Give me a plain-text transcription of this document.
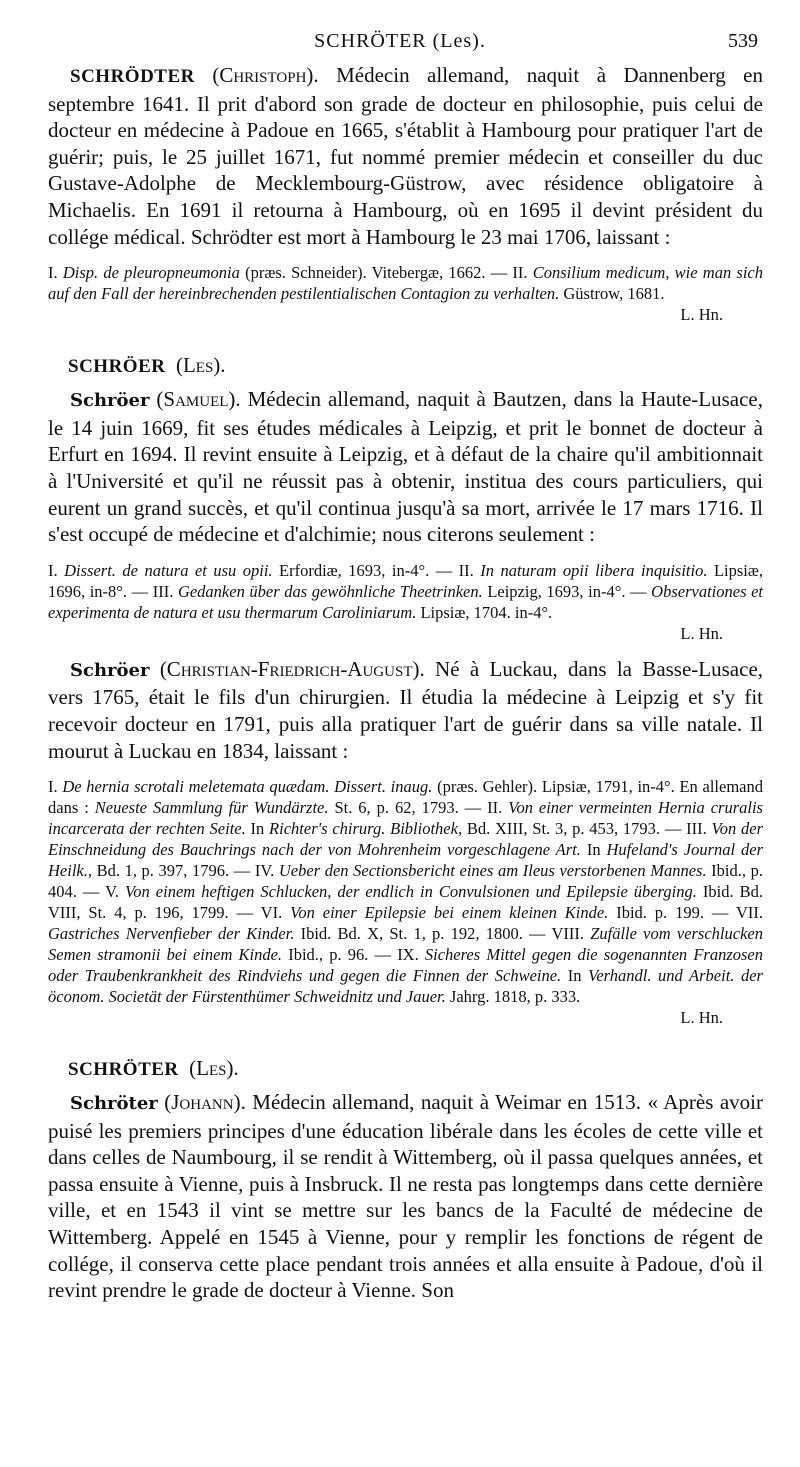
SCHRÖTER (Les).	539

SCHRÖDTER (Christoph). Médecin allemand, naquit à Dannenberg en septembre 1641. Il prit d'abord son grade de docteur en philosophie, puis celui de docteur en médecine à Padoue en 1665, s'établit à Hambourg pour pratiquer l'art de guérir; puis, le 25 juillet 1671, fut nommé premier médecin et conseiller du duc Gustave-Adolphe de Mecklembourg-Güstrow, avec résidence obligatoire à Michaelis. En 1691 il retourna à Hambourg, où en 1695 il devint président du collége médical. Schrödter est mort à Hambourg le 23 mai 1706, laissant :

I. Disp. de pleuropneumonia (præs. Schneider). Vitebergæ, 1662. — II. Consilium medicum, wie man sich auf den Fall der hereinbrechenden pestilentialischen Contagion zu verhalten. Güstrow, 1681.

L. Hn.

SCHRÖER (Les).

Schröer (Samuel). Médecin allemand, naquit à Bautzen, dans la Haute-Lusace, le 14 juin 1669, fit ses études médicales à Leipzig, et prit le bonnet de docteur à Erfurt en 1694. Il revint ensuite à Leipzig, et à défaut de la chaire qu'il ambitionnait à l'Université et qu'il ne réussit pas à obtenir, institua des cours particuliers, qui eurent un grand succès, et qu'il continua jusqu'à sa mort, arrivée le 17 mars 1716. Il s'est occupé de médecine et d'alchimie; nous citerons seulement :

I. Dissert. de natura et usu opii. Erfordiæ, 1693, in-4°. — II. In naturam opii libera inquisitio. Lipsiæ, 1696, in-8°. — III. Gedanken über das gewöhnliche Theetrinken. Leipzig, 1693, in-4°. — Observationes et experimenta de natura et usu thermarum Caroliniarum. Lipsiæ, 1704. in-4°.

L. Hn.

Schröer (Christian-Friedrich-August). Né à Luckau, dans la Basse-Lusace, vers 1765, était le fils d'un chirurgien. Il étudia la médecine à Leipzig et s'y fit recevoir docteur en 1791, puis alla pratiquer l'art de guérir dans sa ville natale. Il mourut à Luckau en 1834, laissant :

I. De hernia scrotali meletemata quædam. Dissert. inaug. (præs. Gehler). Lipsiæ, 1791, in-4°. En allemand dans : Neueste Sammlung für Wundärzte. St. 6, p. 62, 1793. — II. Von einer vermeinten Hernia cruralis incarcerata der rechten Seite. In Richter's chirurg. Bibliothek, Bd. XIII, St. 3, p. 453, 1793. — III. Von der Einschneidung des Bauchrings nach der von Mohrenheim vorgeschlagene Art. In Hufeland's Journal der Heilk., Bd. 1, p. 397, 1796. — IV. Ueber den Sectionsbericht eines am Ileus verstorbenen Mannes. Ibid., p. 404. — V. Von einem heftigen Schlucken, der endlich in Convulsionen und Epilepsie überging. Ibid. Bd. VIII, St. 4, p. 196, 1799. — VI. Von einer Epilepsie bei einem kleinen Kinde. Ibid. p. 199. — VII. Gastriches Nervenfieber der Kinder. Ibid. Bd. X, St. 1, p. 192, 1800. — VIII. Zufälle vom verschlucken Semen stramonii bei einem Kinde. Ibid., p. 96. — IX. Sicheres Mittel gegen die sogenannten Franzosen oder Traubenkrankheit des Rindviehs und gegen die Finnen der Schweine. In Verhandl. und Arbeit. der öconom. Societät der Fürstenthümer Schweidnitz und Jauer. Jahrg. 1818, p. 333.

L. Hn.

SCHRÖTER (Les).

Schröter (Johann). Médecin allemand, naquit à Weimar en 1513. « Après avoir puisé les premiers principes d'une éducation libérale dans les écoles de cette ville et dans celles de Naumbourg, il se rendit à Wittemberg, où il passa quelques années, et passa ensuite à Vienne, puis à Insbruck. Il ne resta pas longtemps dans cette dernière ville, et en 1543 il vint se mettre sur les bancs de la Faculté de médecine de Wittemberg. Appelé en 1545 à Vienne, pour y remplir les fonctions de régent de collége, il conserva cette place pendant trois années et alla ensuite à Padoue, d'où il revint prendre le grade de docteur à Vienne. Son
